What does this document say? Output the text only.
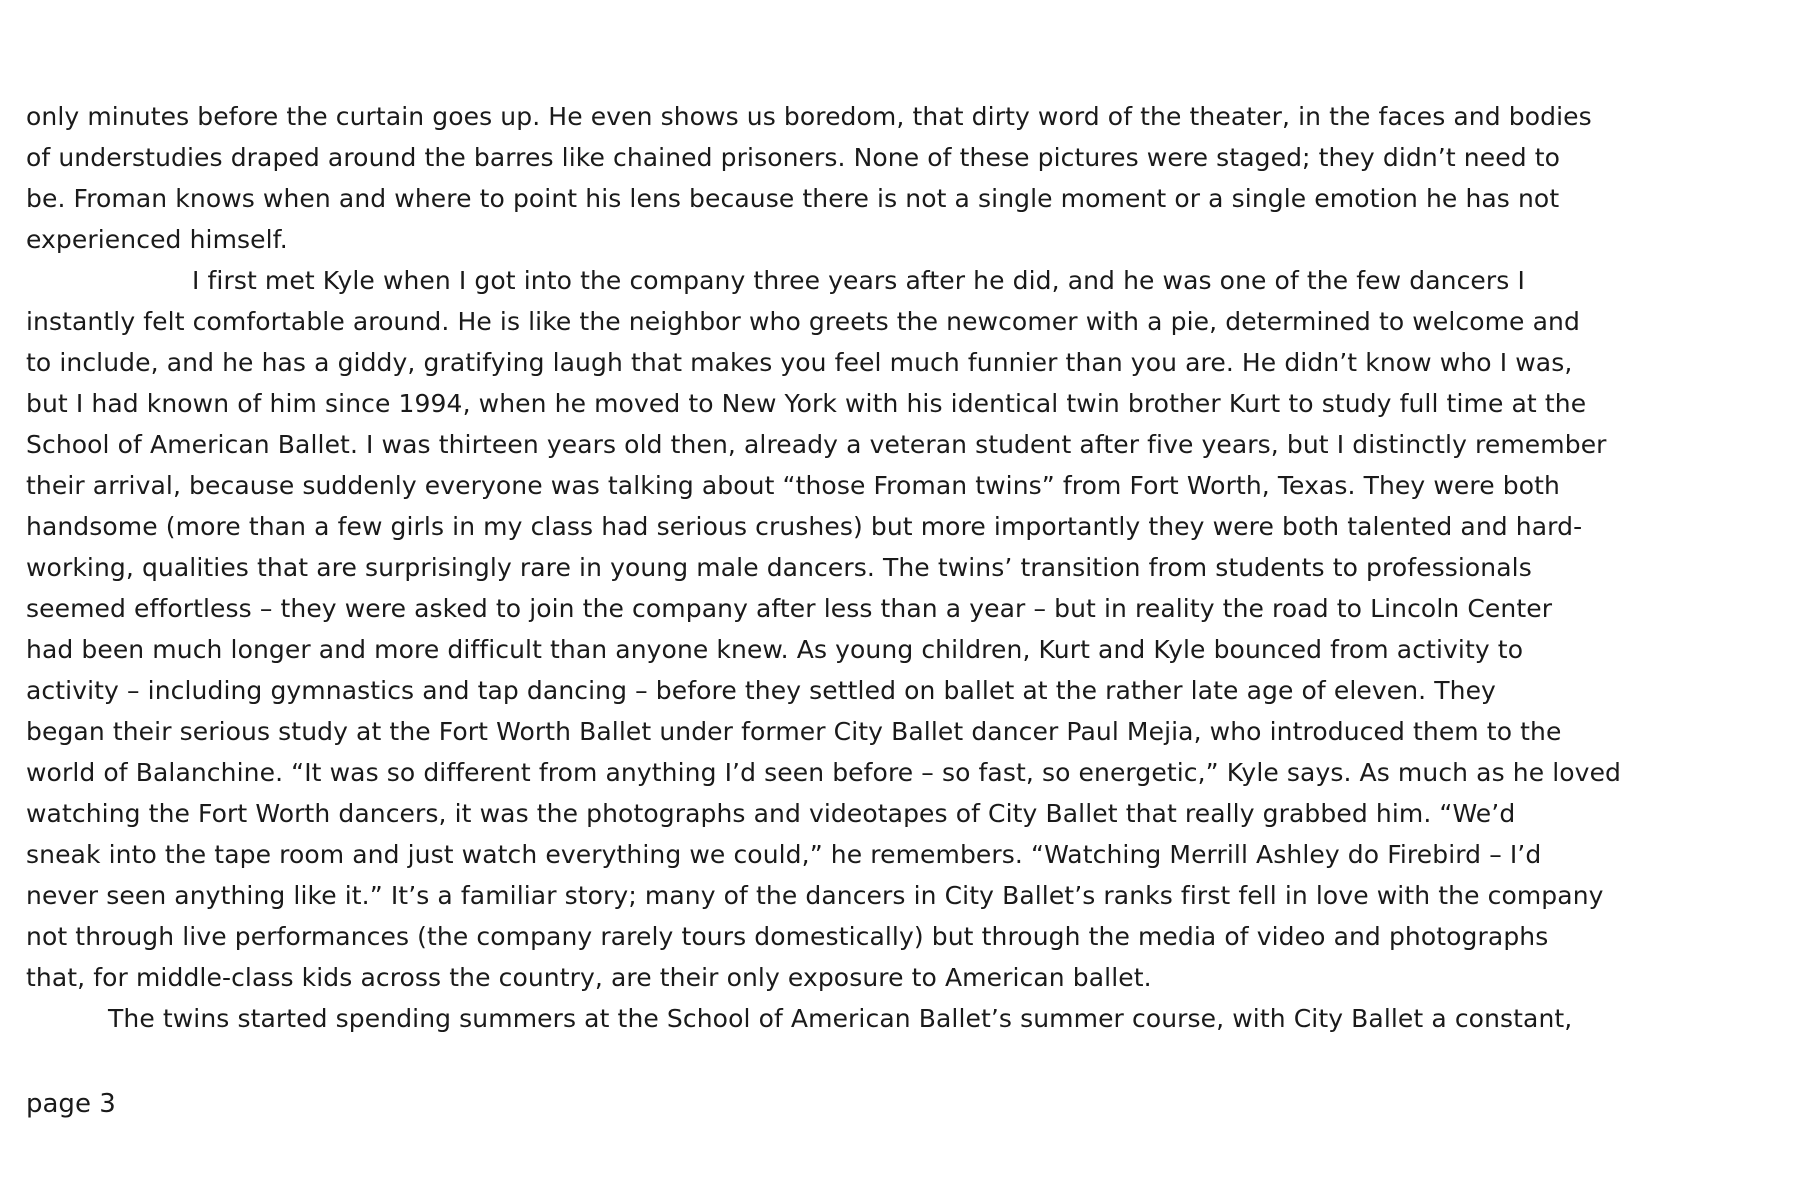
only minutes before the curtain goes up. He even shows us boredom, that dirty word of the theater, in the faces and bodies
of understudies draped around the barres like chained prisoners. None of these pictures were staged; they didn’t need to
be. Froman knows when and where to point his lens because there is not a single moment or a single emotion he has not
experienced himself.
I first met Kyle when I got into the company three years after he did, and he was one of the few dancers I
instantly felt comfortable around. He is like the neighbor who greets the newcomer with a pie, determined to welcome and
to include, and he has a giddy, gratifying laugh that makes you feel much funnier than you are. He didn’t know who I was,
but I had known of him since 1994, when he moved to New York with his identical twin brother Kurt to study full time at the
School of American Ballet. I was thirteen years old then, already a veteran student after five years, but I distinctly remember
their arrival, because suddenly everyone was talking about “those Froman twins” from Fort Worth, Texas. They were both
handsome (more than a few girls in my class had serious crushes) but more importantly they were both talented and hard-
working, qualities that are surprisingly rare in young male dancers. The twins’ transition from students to professionals
seemed effortless – they were asked to join the company after less than a year – but in reality the road to Lincoln Center
had been much longer and more difficult than anyone knew. As young children, Kurt and Kyle bounced from activity to
activity – including gymnastics and tap dancing – before they settled on ballet at the rather late age of eleven. They
began their serious study at the Fort Worth Ballet under former City Ballet dancer Paul Mejia, who introduced them to the
world of Balanchine. “It was so different from anything I’d seen before – so fast, so energetic,” Kyle says. As much as he loved
watching the Fort Worth dancers, it was the photographs and videotapes of City Ballet that really grabbed him. “We’d
sneak into the tape room and just watch everything we could,” he remembers. “Watching Merrill Ashley do Firebird – I’d
never seen anything like it.” It’s a familiar story; many of the dancers in City Ballet’s ranks first fell in love with the company
not through live performances (the company rarely tours domestically) but through the media of video and photographs
that, for middle-class kids across the country, are their only exposure to American ballet.
The twins started spending summers at the School of American Ballet’s summer course, with City Ballet a constant,
page 3
